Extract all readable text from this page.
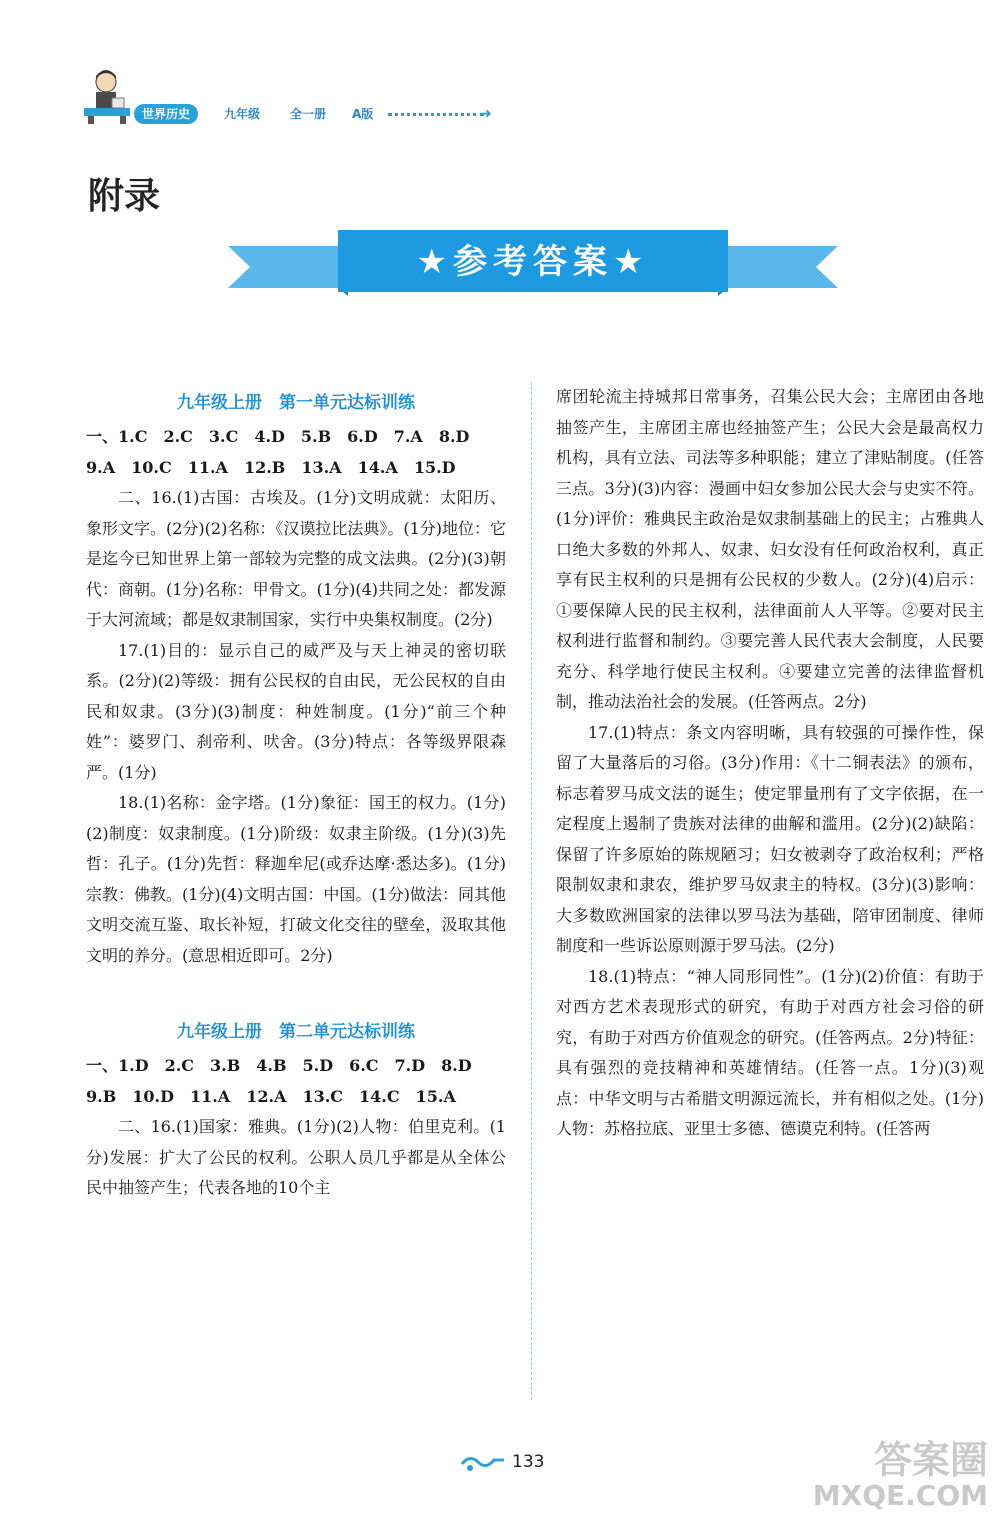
世界历史	九年级 全一册 A版	➜
附录
★参考答案★
九年级上册　第一单元达标训练

一、1.C 2.C 3.C 4.D 5.B 6.D 7.A 8.D

9.A 10.C 11.A 12.B 13.A 14.A 15.D

二、16.(1)古国：古埃及。(1分)文明成就：太阳历、象形文字。(2分)(2)名称：《汉谟拉比法典》。(1分)地位：它是迄今已知世界上第一部较为完整的成文法典。(2分)(3)朝代：商朝。(1分)名称：甲骨文。(1分)(4)共同之处：都发源于大河流域；都是奴隶制国家，实行中央集权制度。(2分)

17.(1)目的：显示自己的威严及与天上神灵的密切联系。(2分)(2)等级：拥有公民权的自由民，无公民权的自由民和奴隶。(3分)(3)制度：种姓制度。(1分)“前三个种姓”：婆罗门、刹帝利、吠舍。(3分)特点：各等级界限森严。(1分)

18.(1)名称：金字塔。(1分)象征：国王的权力。(1分)(2)制度：奴隶制度。(1分)阶级：奴隶主阶级。(1分)(3)先哲：孔子。(1分)先哲：释迦牟尼(或乔达摩·悉达多)。(1分)宗教：佛教。(1分)(4)文明古国：中国。(1分)做法：同其他文明交流互鉴、取长补短，打破文化交往的壁垒，汲取其他文明的养分。(意思相近即可。2分)

九年级上册　第二单元达标训练

一、1.D 2.C 3.B 4.B 5.D 6.C 7.D 8.D

9.B 10.D 11.A 12.A 13.C 14.C 15.A

二、16.(1)国家：雅典。(1分)(2)人物：伯里克利。(1分)发展：扩大了公民的权利。公职人员几乎都是从全体公民中抽签产生；代表各地的10个主

席团轮流主持城邦日常事务，召集公民大会；主席团由各地抽签产生，主席团主席也经抽签产生；公民大会是最高权力机构，具有立法、司法等多种职能；建立了津贴制度。(任答三点。3分)(3)内容：漫画中妇女参加公民大会与史实不符。(1分)评价：雅典民主政治是奴隶制基础上的民主；占雅典人口绝大多数的外邦人、奴隶、妇女没有任何政治权利，真正享有民主权利的只是拥有公民权的少数人。(2分)(4)启示：①要保障人民的民主权利，法律面前人人平等。②要对民主权利进行监督和制约。③要完善人民代表大会制度，人民要充分、科学地行使民主权利。④要建立完善的法律监督机制，推动法治社会的发展。(任答两点。2分)

17.(1)特点：条文内容明晰，具有较强的可操作性，保留了大量落后的习俗。(3分)作用：《十二铜表法》的颁布，标志着罗马成文法的诞生；使定罪量刑有了文字依据，在一定程度上遏制了贵族对法律的曲解和滥用。(2分)(2)缺陷：保留了许多原始的陈规陋习；妇女被剥夺了政治权利；严格限制奴隶和隶农，维护罗马奴隶主的特权。(3分)(3)影响：大多数欧洲国家的法律以罗马法为基础，陪审团制度、律师制度和一些诉讼原则源于罗马法。(2分)

18.(1)特点：“神人同形同性”。(1分)(2)价值：有助于对西方艺术表现形式的研究，有助于对西方社会习俗的研究，有助于对西方价值观念的研究。(任答两点。2分)特征：具有强烈的竞技精神和英雄情结。(任答一点。1分)(3)观点：中华文明与古希腊文明源远流长，并有相似之处。(1分)人物：苏格拉底、亚里士多德、德谟克利特。(任答两

133	答案圈
MXQE.COM
